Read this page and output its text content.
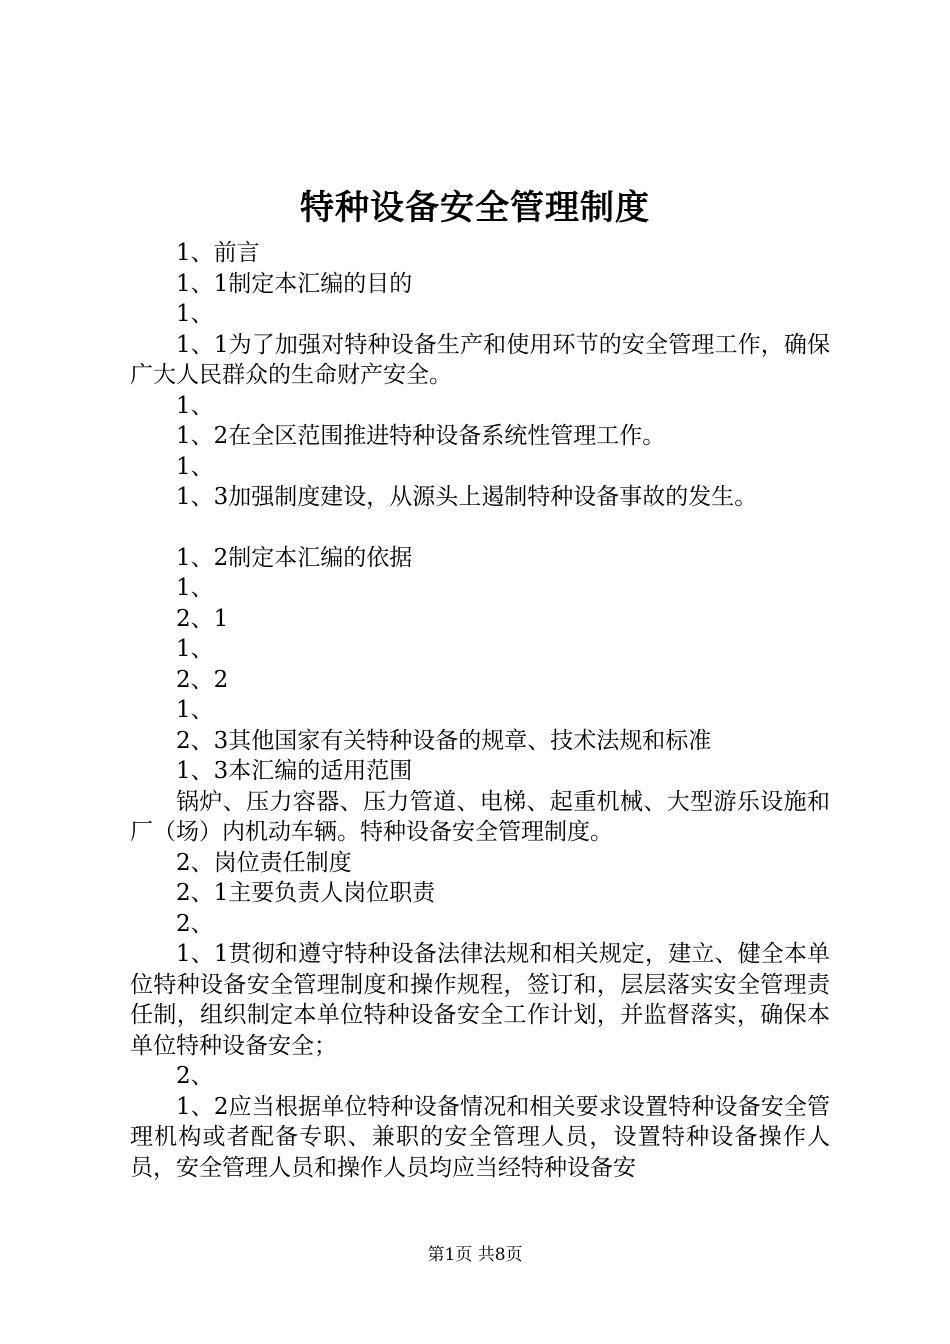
特种设备安全管理制度

1、前言

1、1制定本汇编的目的

1、

1、1为了加强对特种设备生产和使用环节的安全管理工作，确保广大人民群众的生命财产安全。

1、

1、2在全区范围推进特种设备系统性管理工作。

1、

1、3加强制度建设，从源头上遏制特种设备事故的发生。

1、2制定本汇编的依据

1、

2、1

1、

2、2

1、

2、3其他国家有关特种设备的规章、技术法规和标准

1、3本汇编的适用范围

锅炉、压力容器、压力管道、电梯、起重机械、大型游乐设施和厂（场）内机动车辆。特种设备安全管理制度。

2、岗位责任制度

2、1主要负责人岗位职责

2、

1、1贯彻和遵守特种设备法律法规和相关规定，建立、健全本单位特种设备安全管理制度和操作规程，签订和，层层落实安全管理责任制，组织制定本单位特种设备安全工作计划，并监督落实，确保本单位特种设备安全；

2、

1、2应当根据单位特种设备情况和相关要求设置特种设备安全管理机构或者配备专职、兼职的安全管理人员，设置特种设备操作人员，安全管理人员和操作人员均应当经特种设备安

第1页 共8页
